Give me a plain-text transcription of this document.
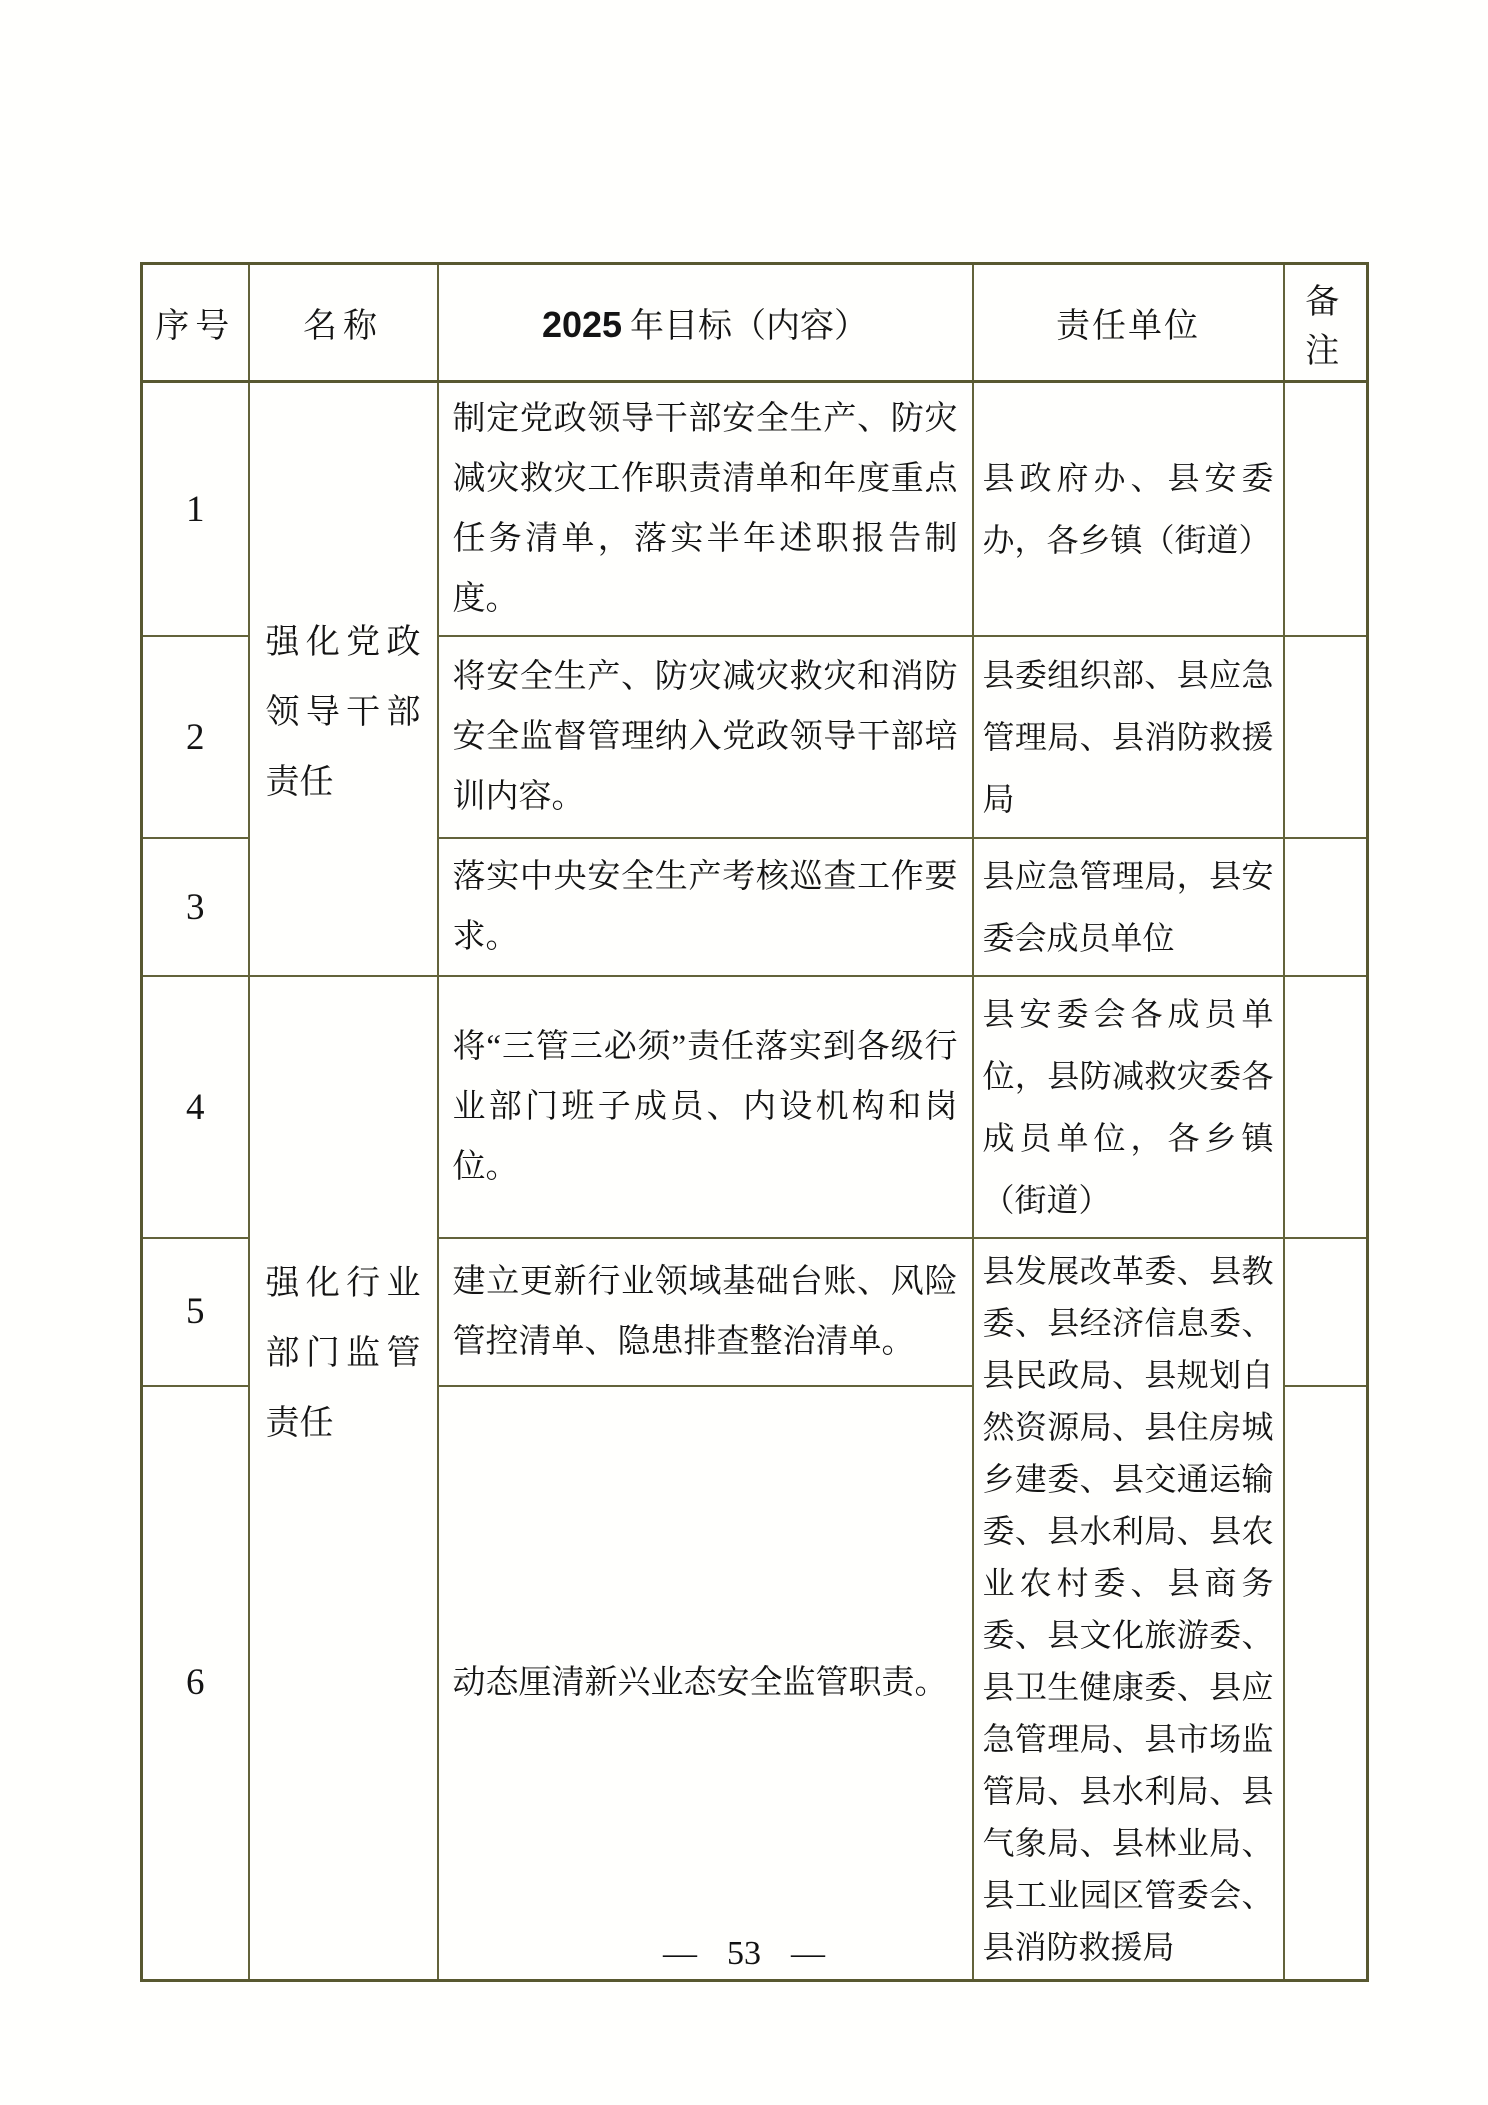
序号	名称	2025 年目标（内容）	责任单位	备注
1	强化党政领导干部责任	制定党政领导干部安全生产、防灾减灾救灾工作职责清单和年度重点任务清单，落实半年述职报告制度。	县政府办、县安委办，各乡镇（街道）	
2		将安全生产、防灾减灾救灾和消防安全监督管理纳入党政领导干部培训内容。	县委组织部、县应急管理局、县消防救援局	
3		落实中央安全生产考核巡查工作要求。	县应急管理局，县安委会成员单位	
4	强化行业部门监管责任	将“三管三必须”责任落实到各级行业部门班子成员、内设机构和岗位。	县安委会各成员单位，县防减救灾委各成员单位，各乡镇（街道）	
5		建立更新行业领域基础台账、风险管控清单、隐患排查整治清单。	县发展改革委、县教委、县经济信息委、县民政局、县规划自然资源局、县住房城乡建委、县交通运输委、县水利局、县农业农村委、县商务委、县文化旅游委、县卫生健康委、县应急管理局、县市场监管局、县水利局、县气象局、县林业局、县工业园区管委会、县消防救援局	
6		动态厘清新兴业态安全监管职责。		
— 53 —
